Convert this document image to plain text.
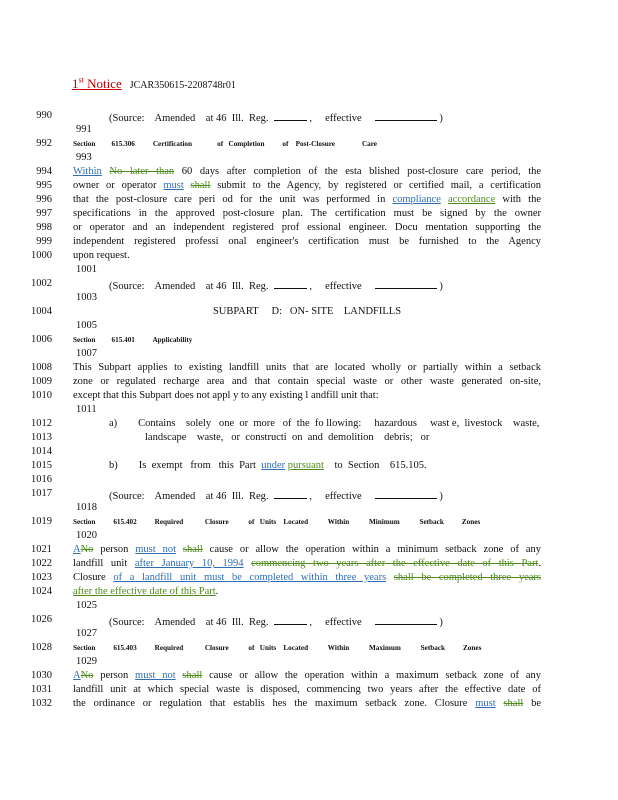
1st Notice JCAR350615-2208748r01
990	(Source:    Amended    at 46  Ill.  Reg.	,     effective	)
991
992	Section         615.306          Certification              of   Completion          of    Post-Closure               Care
993
994 Within No later than 60 days after completion of the esta blished post-closure care period, the
995 owner or operator must shall submit to the Agency, by registered or certified mail, a certification
996 that the post-closure care peri od for the unit was performed in compliance accordance with the
997 specifications in the approved post-closure plan. The certification must be signed by the owner
998 or operator and an independent registered prof essional engineer. Docu mentation supporting the
999 independent registered professi onal engineer's certification must be furnished to the Agency
1000 upon request.
1001
1002	(Source:    Amended    at 46  Ill.  Reg.	,     effective	)
1003
1004	SUBPART     D:   ON- SITE    LANDFILLS
1005
1006	Section         615.401          Applicability
1007
1008 This Subpart applies to existing landfill units that are located wholly or partially within a setback
1009 zone or regulated recharge area and that contain special waste or other waste generated on-site,
1010 except that this Subpart does not appl y to any existing l andfill unit that:
1011
1012	a)        Contains    solely   one  or  more   of  the  fo llowing:     hazardous     wast e,  livestock    waste,
1013	landscape    waste,   or  constructi  on  and  demolition    debris;   or
1014
1015	b)        Is  exempt   from   this  Part  under pursuant    to  Section    615.105.
1016
1017	(Source:    Amended    at 46  Ill.  Reg.	,     effective	)
1018
1019	Section          615.402          Required            Closure           of   Units    Located           Within           Minimum           Setback          Zones
1020
1021 ANo person must not shall cause or allow the operation within a minimum setback zone of any
1022 landfill unit after January 10, 1994 commencing two years after the effective date of this Part.
1023 Closure of a landfill unit must be completed within three years shall be completed three years
1024 after the effective date of this Part.
1025
1026	(Source:    Amended    at 46  Ill.  Reg.	,     effective	)
1027
1028	Section          615.403          Required            Closure           of   Units    Located           Within           Maximum           Setback          Zones
1029
1030 ANo person must not shall cause or allow the operation within a maximum setback zone of any
1031 landfill unit at which special waste is disposed, commencing two years after the effective date of
1032 the ordinance or regulation that establis hes the maximum setback zone. Closure must shall be
